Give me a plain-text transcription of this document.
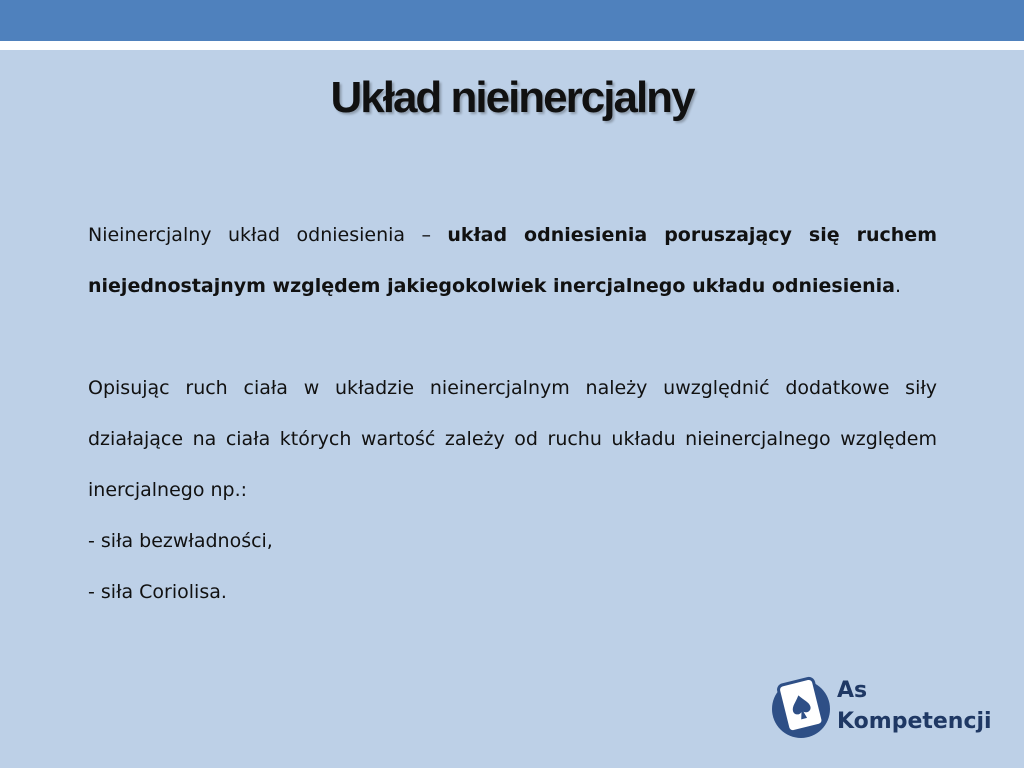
Układ nieinercjalny

Nieinercjalny układ odniesienia – układ odniesienia poruszający się ruchem niejednostajnym względem jakiegokolwiek inercjalnego układu odniesienia.

Opisując ruch ciała w układzie nieinercjalnym należy uwzględnić dodatkowe siły działające na ciała których wartość zależy od ruchu układu nieinercjalnego względem inercjalnego np.:

- siła bezwładności,

- siła Coriolisa.

As
Kompetencji
